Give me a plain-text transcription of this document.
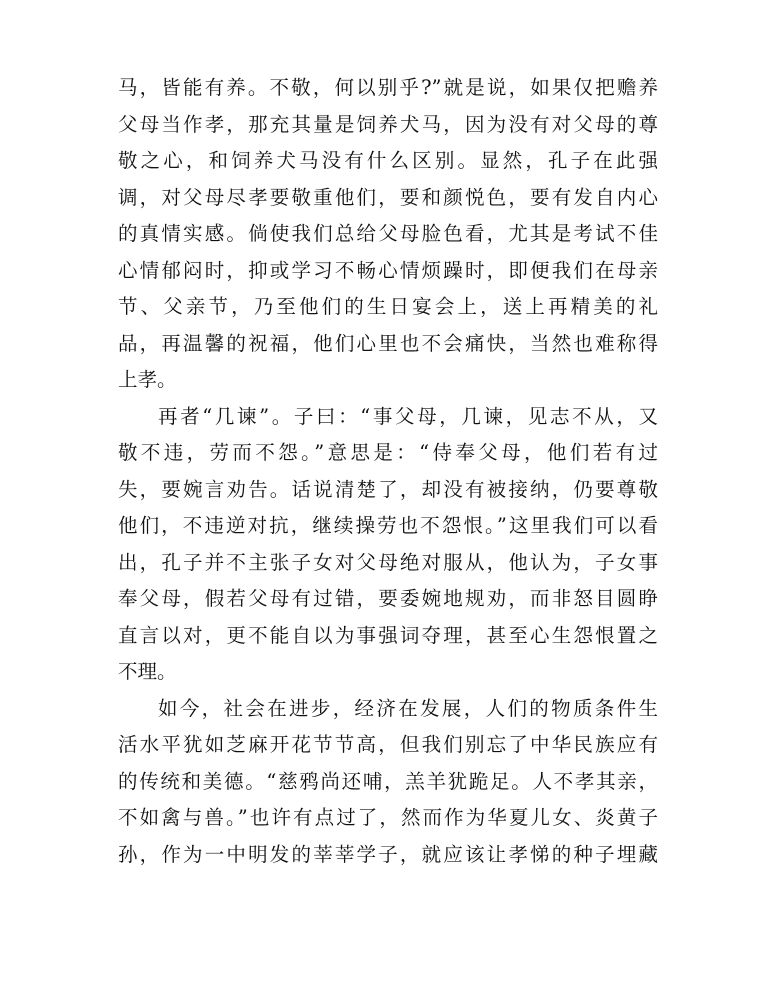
马，皆能有养。不敬，何以别乎?”就是说，如果仅把赡养
父母当作孝，那充其量是饲养犬马，因为没有对父母的尊
敬之心，和饲养犬马没有什么区别。显然，孔子在此强
调，对父母尽孝要敬重他们，要和颜悦色，要有发自内心
的真情实感。倘使我们总给父母脸色看，尤其是考试不佳
心情郁闷时，抑或学习不畅心情烦躁时，即便我们在母亲
节、父亲节，乃至他们的生日宴会上，送上再精美的礼
品，再温馨的祝福，他们心里也不会痛快，当然也难称得
上孝。
再者“几谏”。子曰：“事父母，几谏，见志不从，又
敬不违，劳而不怨。”意思是：“侍奉父母，他们若有过
失，要婉言劝告。话说清楚了，却没有被接纳，仍要尊敬
他们，不违逆对抗，继续操劳也不怨恨。”这里我们可以看
出，孔子并不主张子女对父母绝对服从，他认为，子女事
奉父母，假若父母有过错，要委婉地规劝，而非怒目圆睁
直言以对，更不能自以为事强词夺理，甚至心生怨恨置之
不理。
如今，社会在进步，经济在发展，人们的物质条件生
活水平犹如芝麻开花节节高，但我们别忘了中华民族应有
的传统和美德。“慈鸦尚还哺，羔羊犹跪足。人不孝其亲，
不如禽与兽。”也许有点过了，然而作为华夏儿女、炎黄子
孙，作为一中明发的莘莘学子，就应该让孝悌的种子埋藏
